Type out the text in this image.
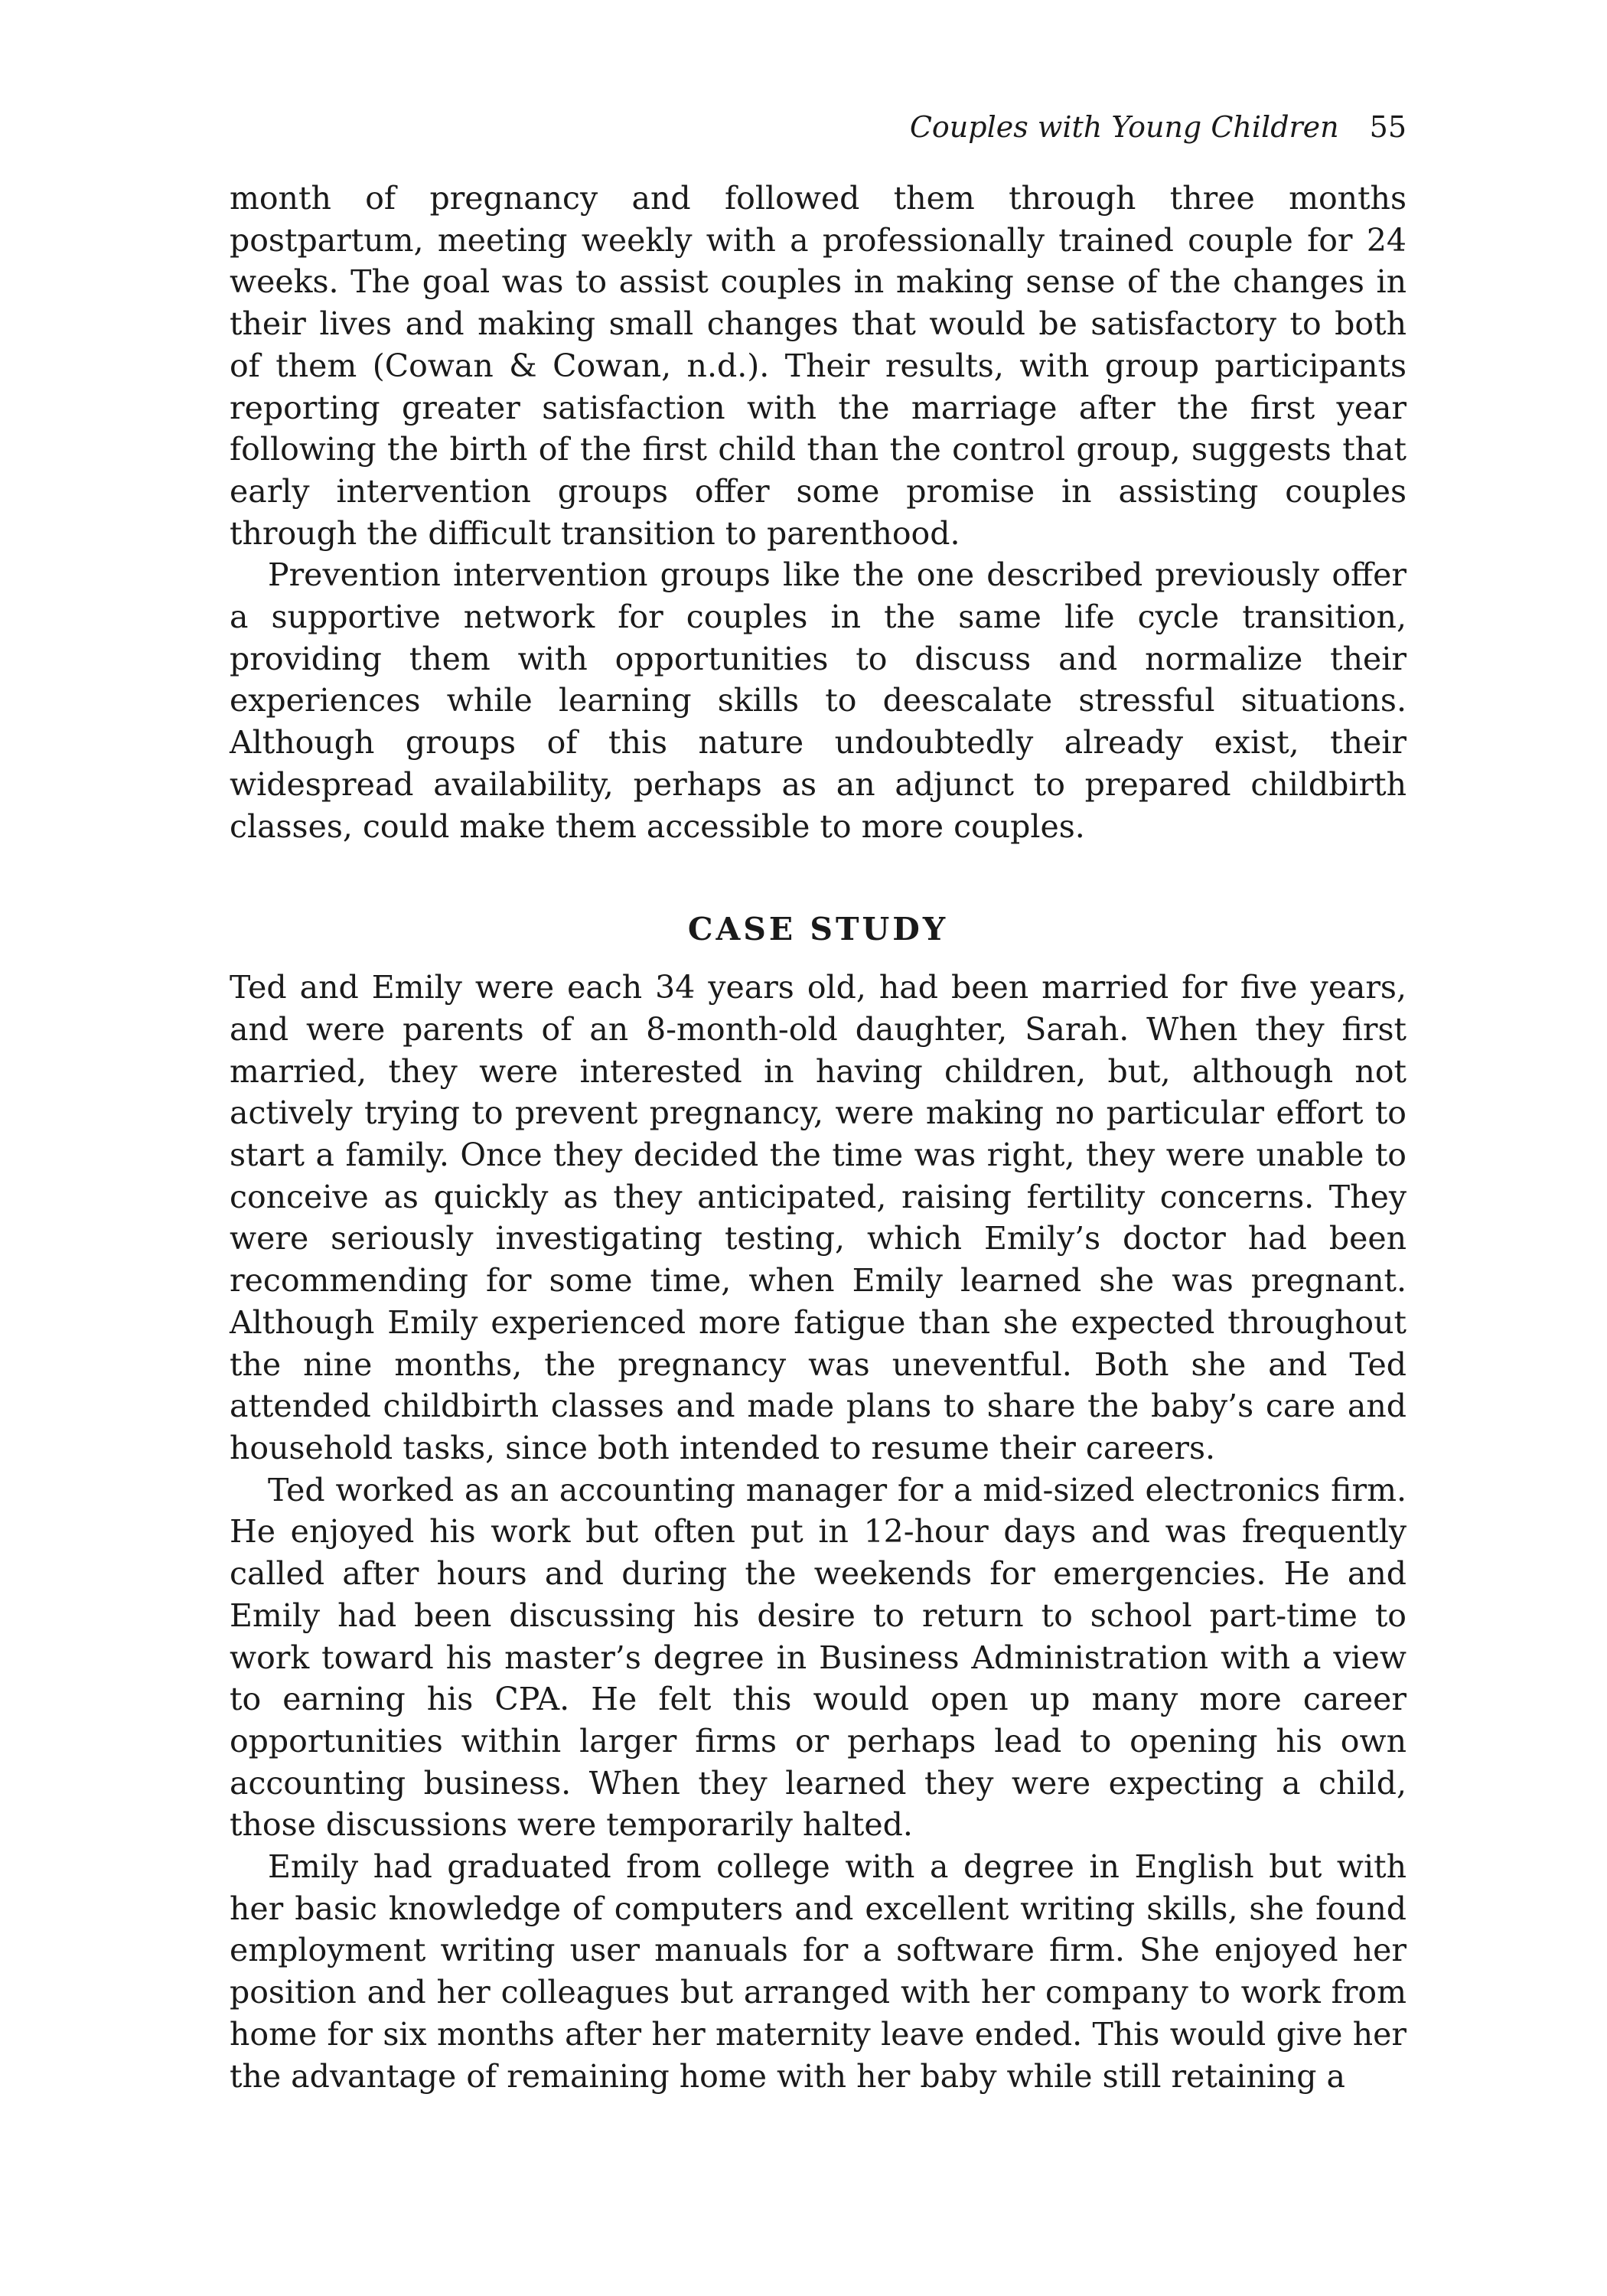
Couples with Young Children 55

month of pregnancy and followed them through three months postpartum, meeting weekly with a professionally trained couple for 24 weeks. The goal was to assist couples in making sense of the changes in their lives and making small changes that would be satisfactory to both of them (Cowan & Cowan, n.d.). Their results, with group participants reporting greater satisfaction with the marriage after the first year following the birth of the first child than the control group, suggests that early intervention groups offer some promise in assisting couples through the difficult transition to parenthood.

Prevention intervention groups like the one described previously offer a supportive network for couples in the same life cycle transition, providing them with opportunities to discuss and normalize their experiences while learning skills to deescalate stressful situations. Although groups of this nature undoubtedly already exist, their widespread availability, perhaps as an adjunct to prepared childbirth classes, could make them accessible to more couples.

CASE STUDY

Ted and Emily were each 34 years old, had been married for five years, and were parents of an 8-month-old daughter, Sarah. When they first married, they were interested in having children, but, although not actively trying to prevent pregnancy, were making no particular effort to start a family. Once they decided the time was right, they were unable to conceive as quickly as they anticipated, raising fertility concerns. They were seriously investigating testing, which Emily’s doctor had been recommending for some time, when Emily learned she was pregnant. Although Emily experienced more fatigue than she expected throughout the nine months, the pregnancy was uneventful. Both she and Ted attended childbirth classes and made plans to share the baby’s care and household tasks, since both intended to resume their careers.

Ted worked as an accounting manager for a mid-sized electronics firm. He enjoyed his work but often put in 12-hour days and was frequently called after hours and during the weekends for emergencies. He and Emily had been discussing his desire to return to school part-time to work toward his master’s degree in Business Administration with a view to earning his CPA. He felt this would open up many more career opportunities within larger firms or perhaps lead to opening his own accounting business. When they learned they were expecting a child, those discussions were temporarily halted.

Emily had graduated from college with a degree in English but with her basic knowledge of computers and excellent writing skills, she found employment writing user manuals for a software firm. She enjoyed her position and her colleagues but arranged with her company to work from home for six months after her maternity leave ended. This would give her the advantage of remaining home with her baby while still retaining a
